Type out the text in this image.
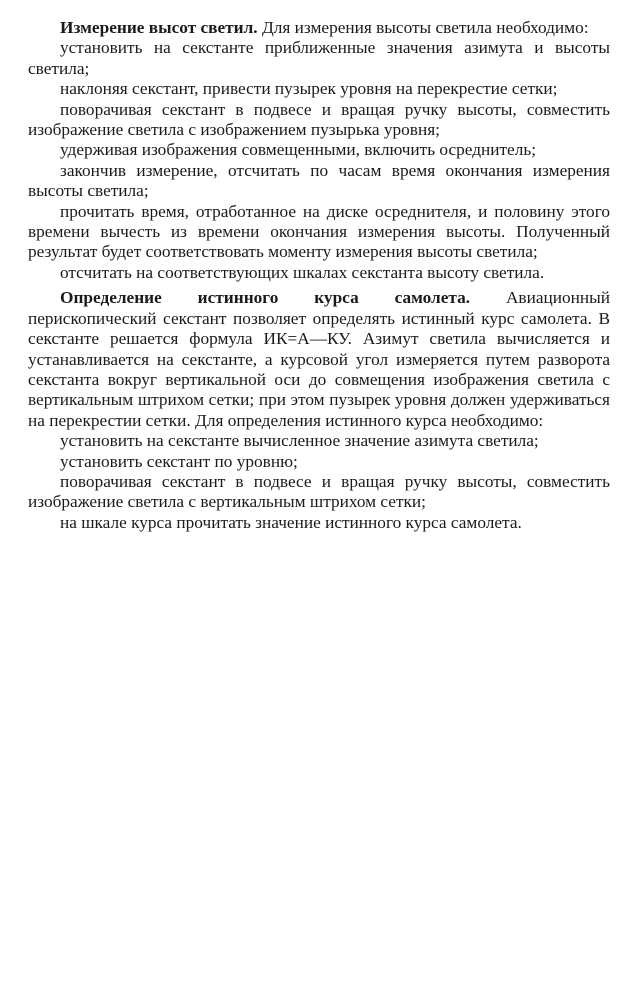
Измерение высот светил. Для измерения высоты светила необходимо:

установить на секстанте приближенные значения азимута и высоты светила;

наклоняя секстант, привести пузырек уровня на перекрестие сетки;

поворачивая секстант в подвесе и вращая ручку высоты, совместить изображение светила с изображением пузырька уровня;

удерживая изображения совмещенными, включить осреднитель;

закончив измерение, отсчитать по часам время окончания измерения высоты светила;

прочитать время, отработанное на диске осреднителя, и половину этого времени вычесть из времени окончания измерения высоты. Полученный результат будет соответствовать моменту измерения высоты светила;

отсчитать на соответствующих шкалах секстанта высоту светила.

Определение истинного курса самолета. Авиационный перископический секстант позволяет определять истинный курс самолета. В секстанте решается формула ИК=А—КУ. Азимут светила вычисляется и устанавливается на секстанте, а курсовой угол измеряется путем разворота секстанта вокруг вертикальной оси до совмещения изображения светила с вертикальным штрихом сетки; при этом пузырек уровня должен удерживаться на перекрестии сетки. Для определения истинного курса необходимо:

установить на секстанте вычисленное значение азимута светила;

установить секстант по уровню;

поворачивая секстант в подвесе и вращая ручку высоты, совместить изображение светила с вертикальным штрихом сетки;

на шкале курса прочитать значение истинного курса самолета.
